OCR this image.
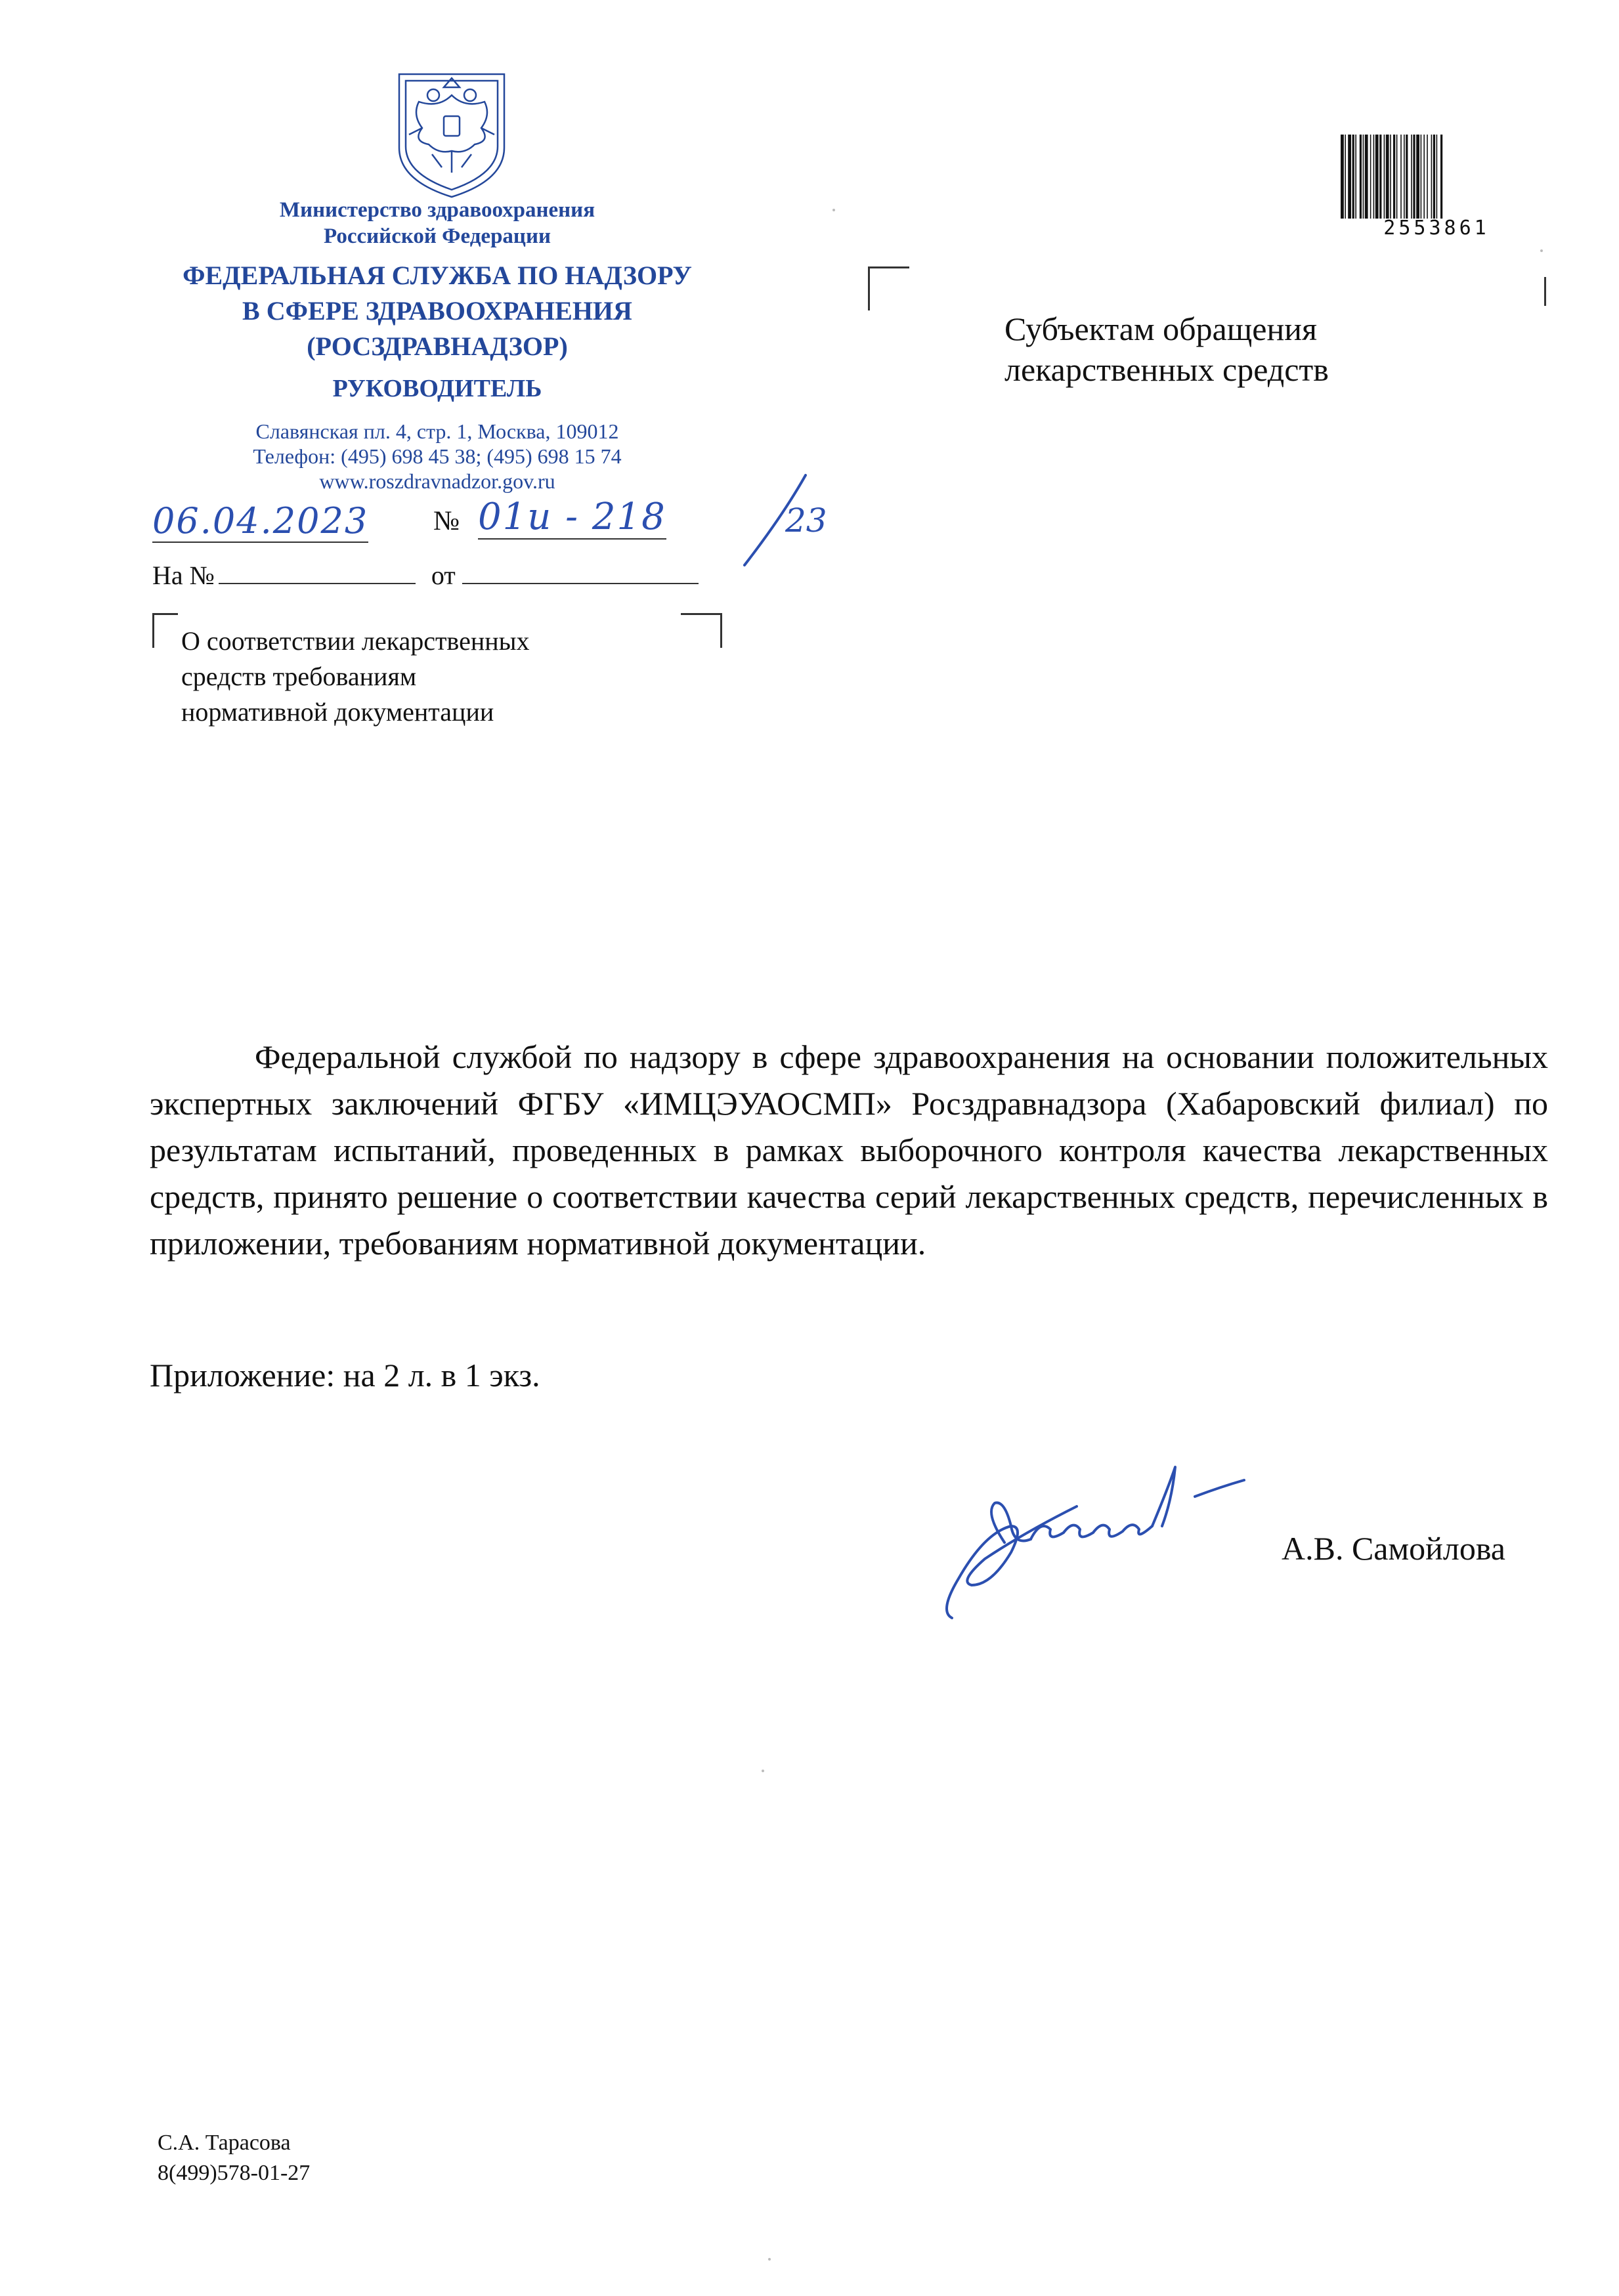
Министерство здравоохранения
Российской Федерации
ФЕДЕРАЛЬНАЯ СЛУЖБА ПО НАДЗОРУ
В СФЕРЕ ЗДРАВООХРАНЕНИЯ
(РОСЗДРАВНАДЗОР)
РУКОВОДИТЕЛЬ
Славянская пл. 4, стр. 1, Москва, 109012
Телефон: (495) 698 45 38; (495) 698 15 74
www.roszdravnadzor.gov.ru
06.04.2023 № 01и - 218	23
На №	от
О соответствии лекарственных
средств требованиям
нормативной документации
Субъектам обращения
лекарственных средств
2553861
Федеральной службой по надзору в сфере здравоохранения на основании положительных экспертных заключений ФГБУ «ИМЦЭУАОСМП» Росздравнадзора (Хабаровский филиал) по результатам испытаний, проведенных в рамках выборочного контроля качества лекарственных средств, принято решение о соответствии качества серий лекарственных средств, перечисленных в приложении, требованиям нормативной документации.
Приложение: на 2 л. в 1 экз.
А.В. Самойлова
С.А. Тарасова
8(499)578-01-27
